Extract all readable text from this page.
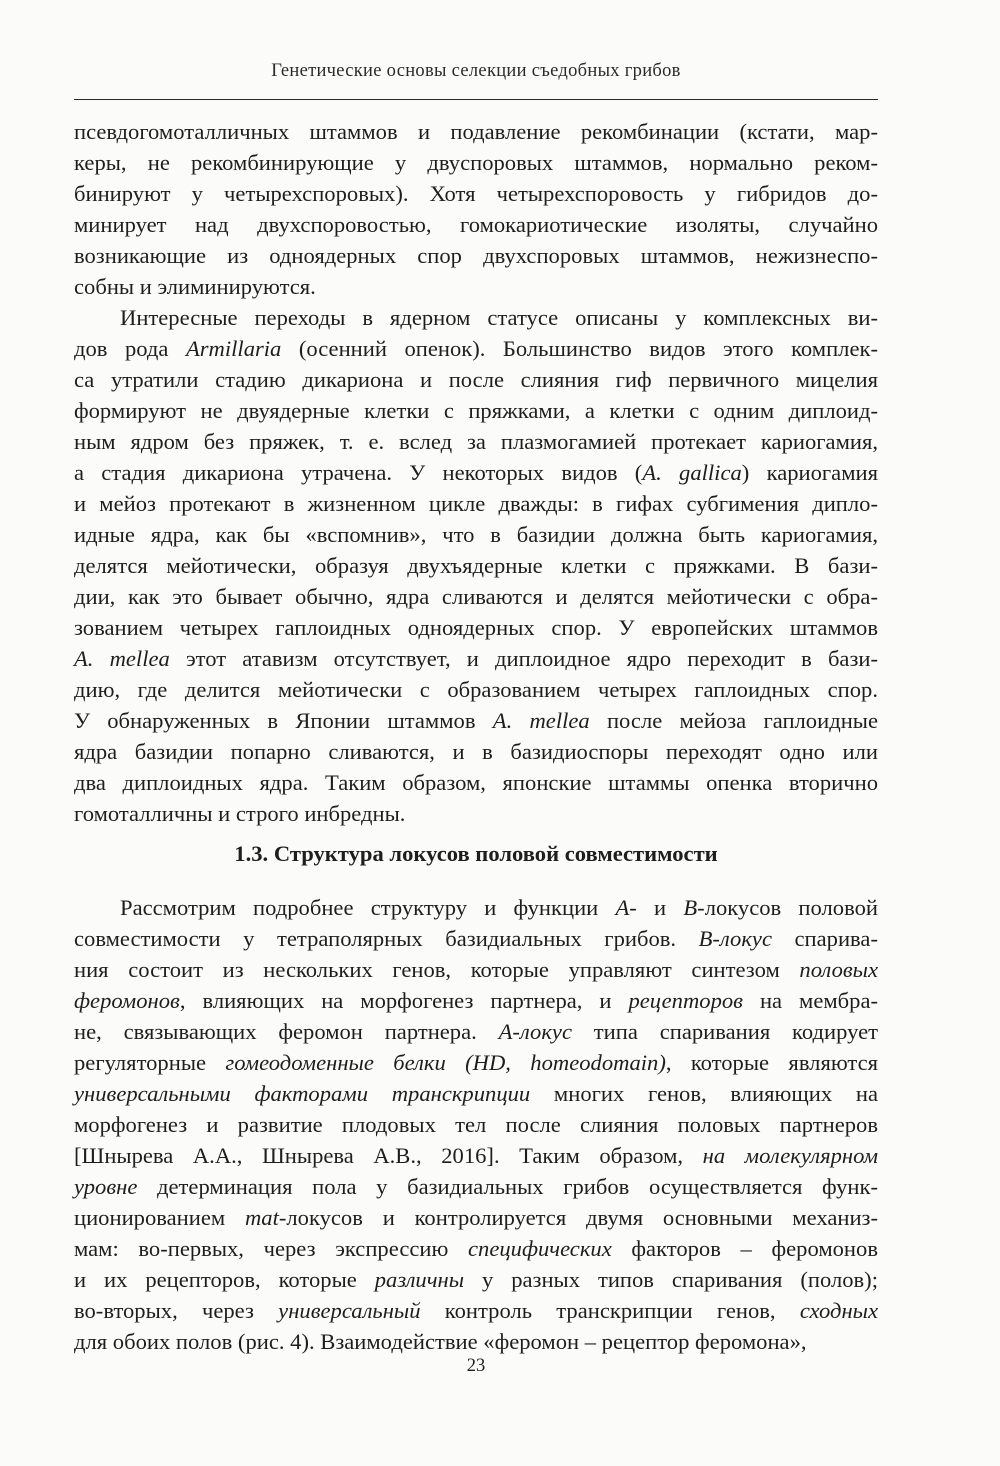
Генетические основы селекции съедобных грибов
псевдогомоталличных штаммов и подавление рекомбинации (кстати, мар-
керы, не рекомбинирующие у двуспоровых штаммов, нормально реком-
бинируют у четырехспоровых). Хотя четырехспоровость у гибридов до-
минирует над двухспоровостью, гомокариотические изоляты, случайно
возникающие из одноядерных спор двухспоровых штаммов, нежизнеспо-
собны и элиминируются.
Интересные переходы в ядерном статусе описаны у комплексных ви-
дов рода Armillaria (осенний опенок). Большинство видов этого комплек-
са утратили стадию дикариона и после слияния гиф первичного мицелия
формируют не двуядерные клетки с пряжками, а клетки с одним диплоид-
ным ядром без пряжек, т. е. вслед за плазмогамией протекает кариогамия,
а стадия дикариона утрачена. У некоторых видов (A. gallica) кариогамия
и мейоз протекают в жизненном цикле дважды: в гифах субгимения дипло-
идные ядра, как бы «вспомнив», что в базидии должна быть кариогамия,
делятся мейотически, образуя двухъядерные клетки с пряжками. В бази-
дии, как это бывает обычно, ядра сливаются и делятся мейотически с обра-
зованием четырех гаплоидных одноядерных спор. У европейских штаммов
A. mellea этот атавизм отсутствует, и диплоидное ядро переходит в бази-
дию, где делится мейотически с образованием четырех гаплоидных спор.
У обнаруженных в Японии штаммов A. mellea после мейоза гаплоидные
ядра базидии попарно сливаются, и в базидиоспоры переходят одно или
два диплоидных ядра. Таким образом, японские штаммы опенка вторично
гомоталличны и строго инбредны.
1.3. Структура локусов половой совместимости
Рассмотрим подробнее структуру и функции A- и B-локусов половой
совместимости у тетраполярных базидиальных грибов. B-локус спарива-
ния состоит из нескольких генов, которые управляют синтезом половых
феромонов, влияющих на морфогенез партнера, и рецепторов на мембра-
не, связывающих феромон партнера. A-локус типа спаривания кодирует
регуляторные гомеодоменные белки (HD, homeodomain), которые являются
универсальными факторами транскрипции многих генов, влияющих на
морфогенез и развитие плодовых тел после слияния половых партнеров
[Шнырева А.А., Шнырева А.В., 2016]. Таким образом, на молекулярном
уровне детерминация пола у базидиальных грибов осуществляется функ-
ционированием mat-локусов и контролируется двумя основными механиз-
мам: во-первых, через экспрессию специфических факторов – феромонов
и их рецепторов, которые различны у разных типов спаривания (полов);
во-вторых, через универсальный контроль транскрипции генов, сходных
для обоих полов (рис. 4). Взаимодействие «феромон – рецептор феромона»,
23
